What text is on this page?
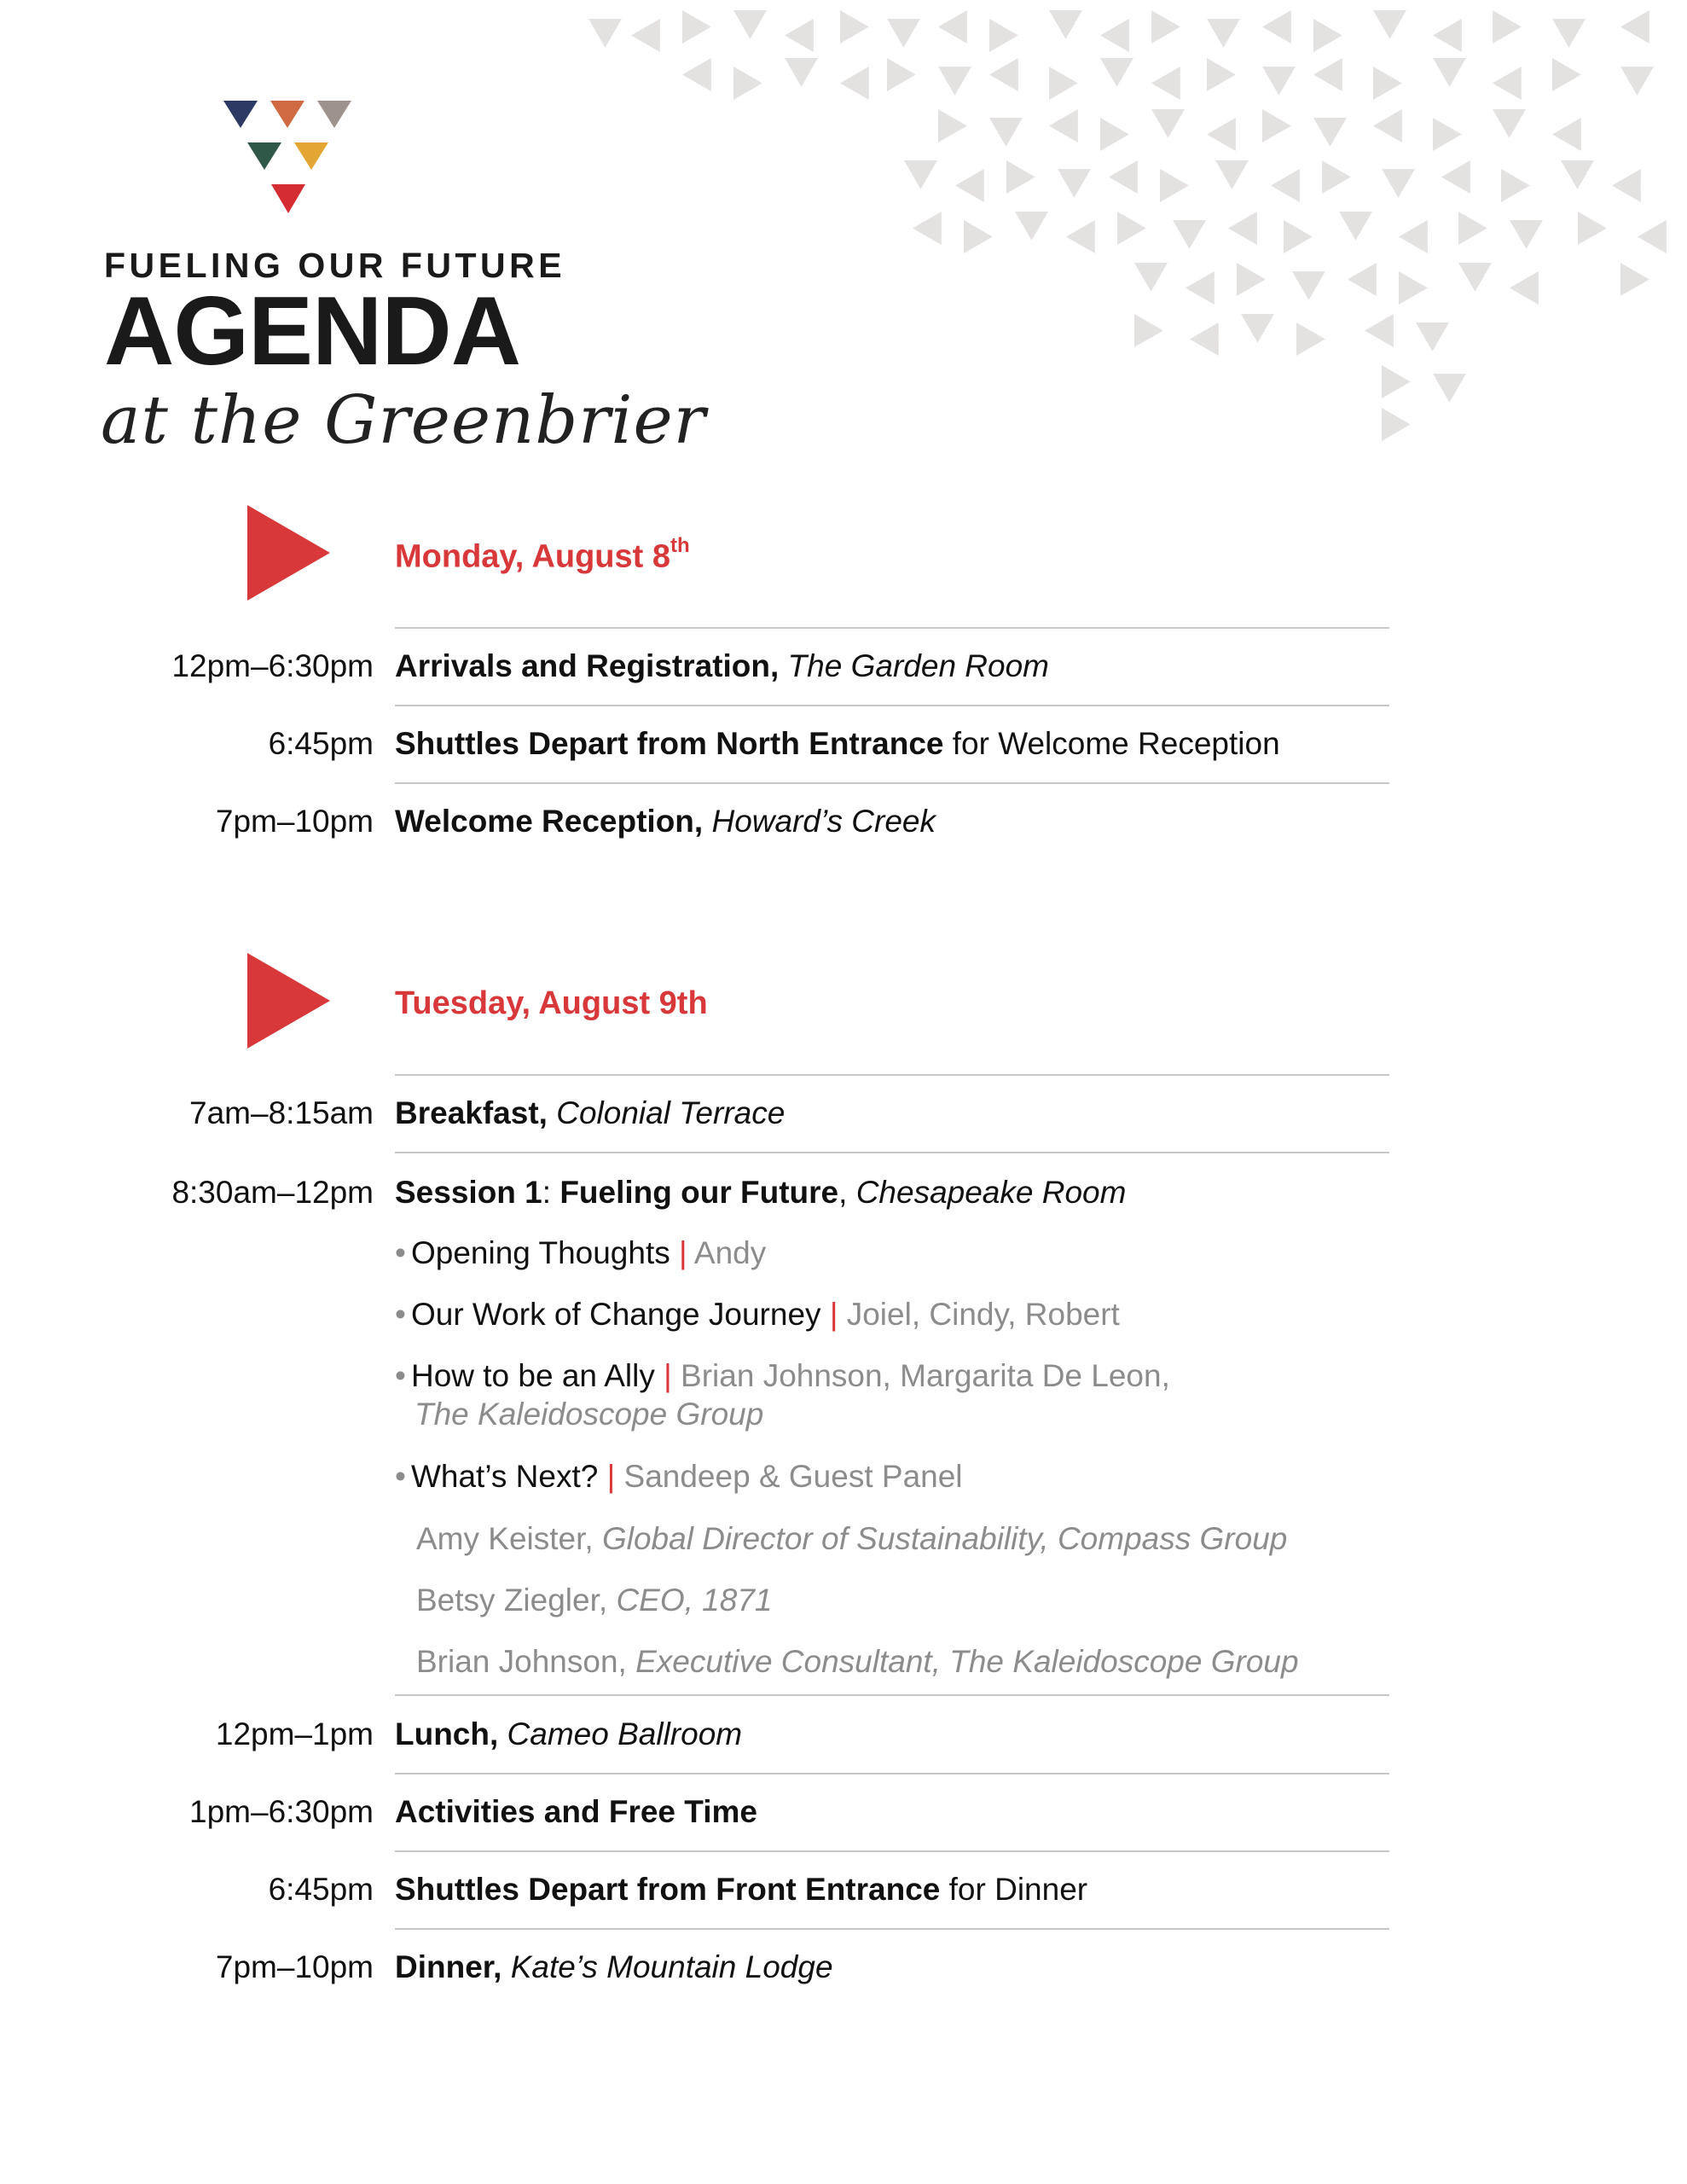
FUELING OUR FUTURE

AGENDA

at the Greenbrier

Monday, August 8th
12pm–6:30pm Arrivals and Registration, The Garden Room
6:45pm Shuttles Depart from North Entrance for Welcome Reception
7pm–10pm Welcome Reception, Howard’s Creek
Tuesday, August 9th
7am–8:15am Breakfast, Colonial Terrace
8:30am–12pm Session 1: Fueling our Future, Chesapeake Room
• Opening Thoughts | Andy
• Our Work of Change Journey | Joiel, Cindy, Robert
• How to be an Ally | Brian Johnson, Margarita De Leon,
The Kaleidoscope Group
• What’s Next? | Sandeep & Guest Panel
Amy Keister, Global Director of Sustainability, Compass Group
Betsy Ziegler, CEO, 1871
Brian Johnson, Executive Consultant, The Kaleidoscope Group
12pm–1pm Lunch, Cameo Ballroom
1pm–6:30pm Activities and Free Time
6:45pm Shuttles Depart from Front Entrance for Dinner
7pm–10pm Dinner, Kate’s Mountain Lodge
